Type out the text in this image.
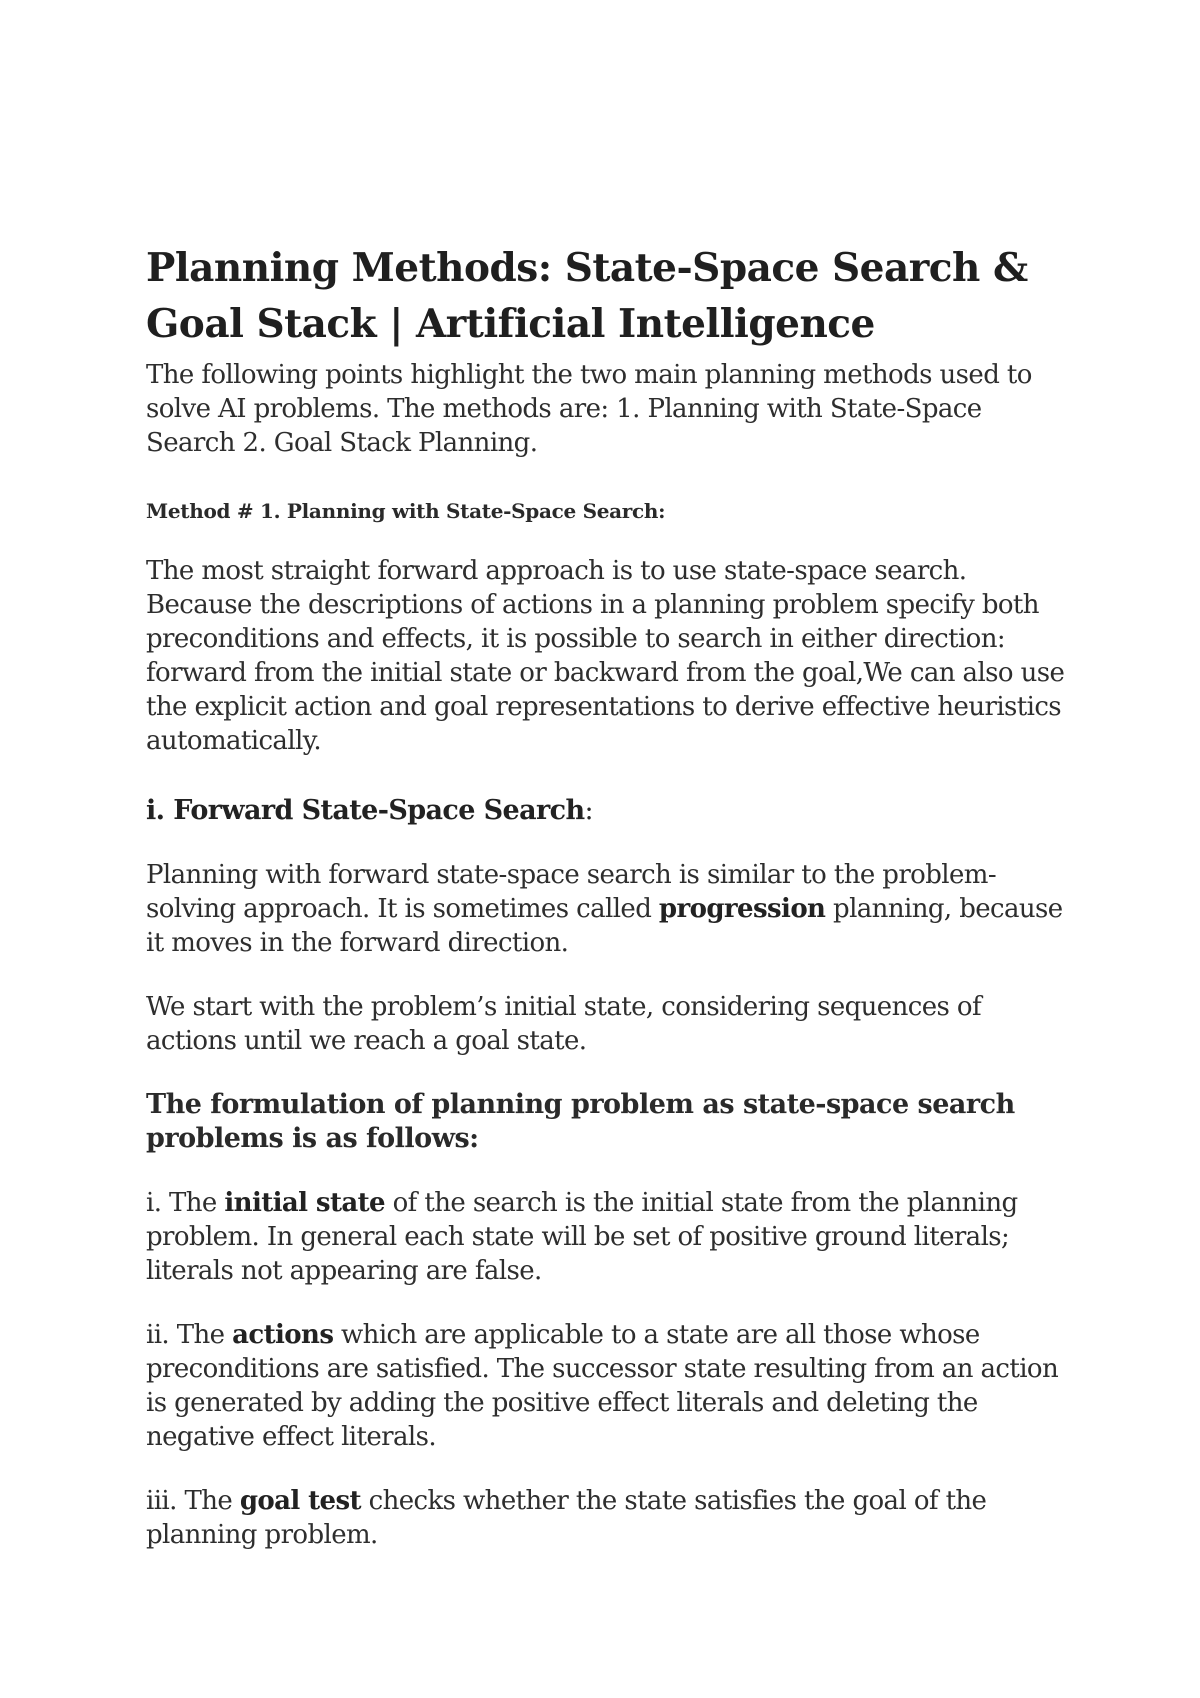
Planning Methods: State-Space Search & Goal Stack | Artificial Intelligence

The following points highlight the two main planning methods used to solve AI problems. The methods are: 1. Planning with State-Space Search 2. Goal Stack Planning.

Method # 1. Planning with State-Space Search:

The most straight forward approach is to use state-space search. Because the descriptions of actions in a planning problem specify both preconditions and effects, it is possible to search in either direction: forward from the initial state or backward from the goal,We can also use the explicit action and goal representations to derive effective heuristics automatically.

i. Forward State-Space Search:

Planning with forward state-space search is similar to the problem-solving approach. It is sometimes called progression planning, because it moves in the forward direction.

We start with the problem’s initial state, considering sequences of actions until we reach a goal state.

The formulation of planning problem as state-space search problems is as follows:

i. The initial state of the search is the initial state from the planning problem. In general each state will be set of positive ground literals; literals not appearing are false.

ii. The actions which are applicable to a state are all those whose preconditions are satisfied. The successor state resulting from an action is generated by adding the positive effect literals and deleting the negative effect literals.

iii. The goal test checks whether the state satisfies the goal of the planning problem.
